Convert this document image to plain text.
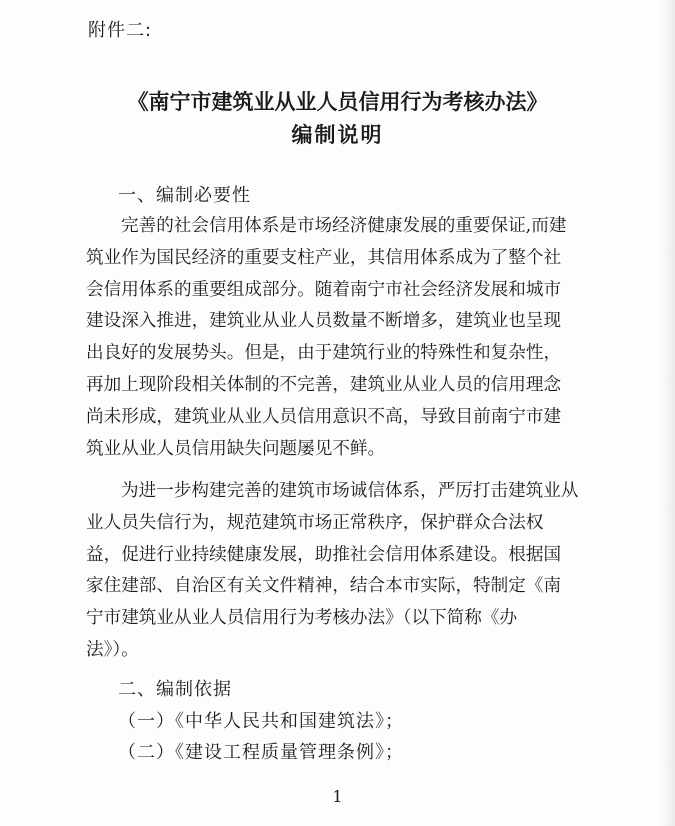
附件二:
《南宁市建筑业从业人员信用行为考核办法》
编制说明
一、编制必要性

完善的社会信用体系是市场经济健康发展的重要保证,而建
筑业作为国民经济的重要支柱产业，其信用体系成为了整个社
会信用体系的重要组成部分。随着南宁市社会经济发展和城市
建设深入推进，建筑业从业人员数量不断增多，建筑业也呈现
出良好的发展势头。但是，由于建筑行业的特殊性和复杂性，
再加上现阶段相关体制的不完善，建筑业从业人员的信用理念
尚未形成，建筑业从业人员信用意识不高，导致目前南宁市建
筑业从业人员信用缺失问题屡见不鲜。

为进一步构建完善的建筑市场诚信体系，严厉打击建筑业从
业人员失信行为，规范建筑市场正常秩序，保护群众合法权
益，促进行业持续健康发展，助推社会信用体系建设。根据国
家住建部、自治区有关文件精神，结合本市实际，特制定《南
宁市建筑业从业人员信用行为考核办法》（以下简称《办
法》）。

二、编制依据
（一）《中华人民共和国建筑法》；
（二）《建设工程质量管理条例》；
1
